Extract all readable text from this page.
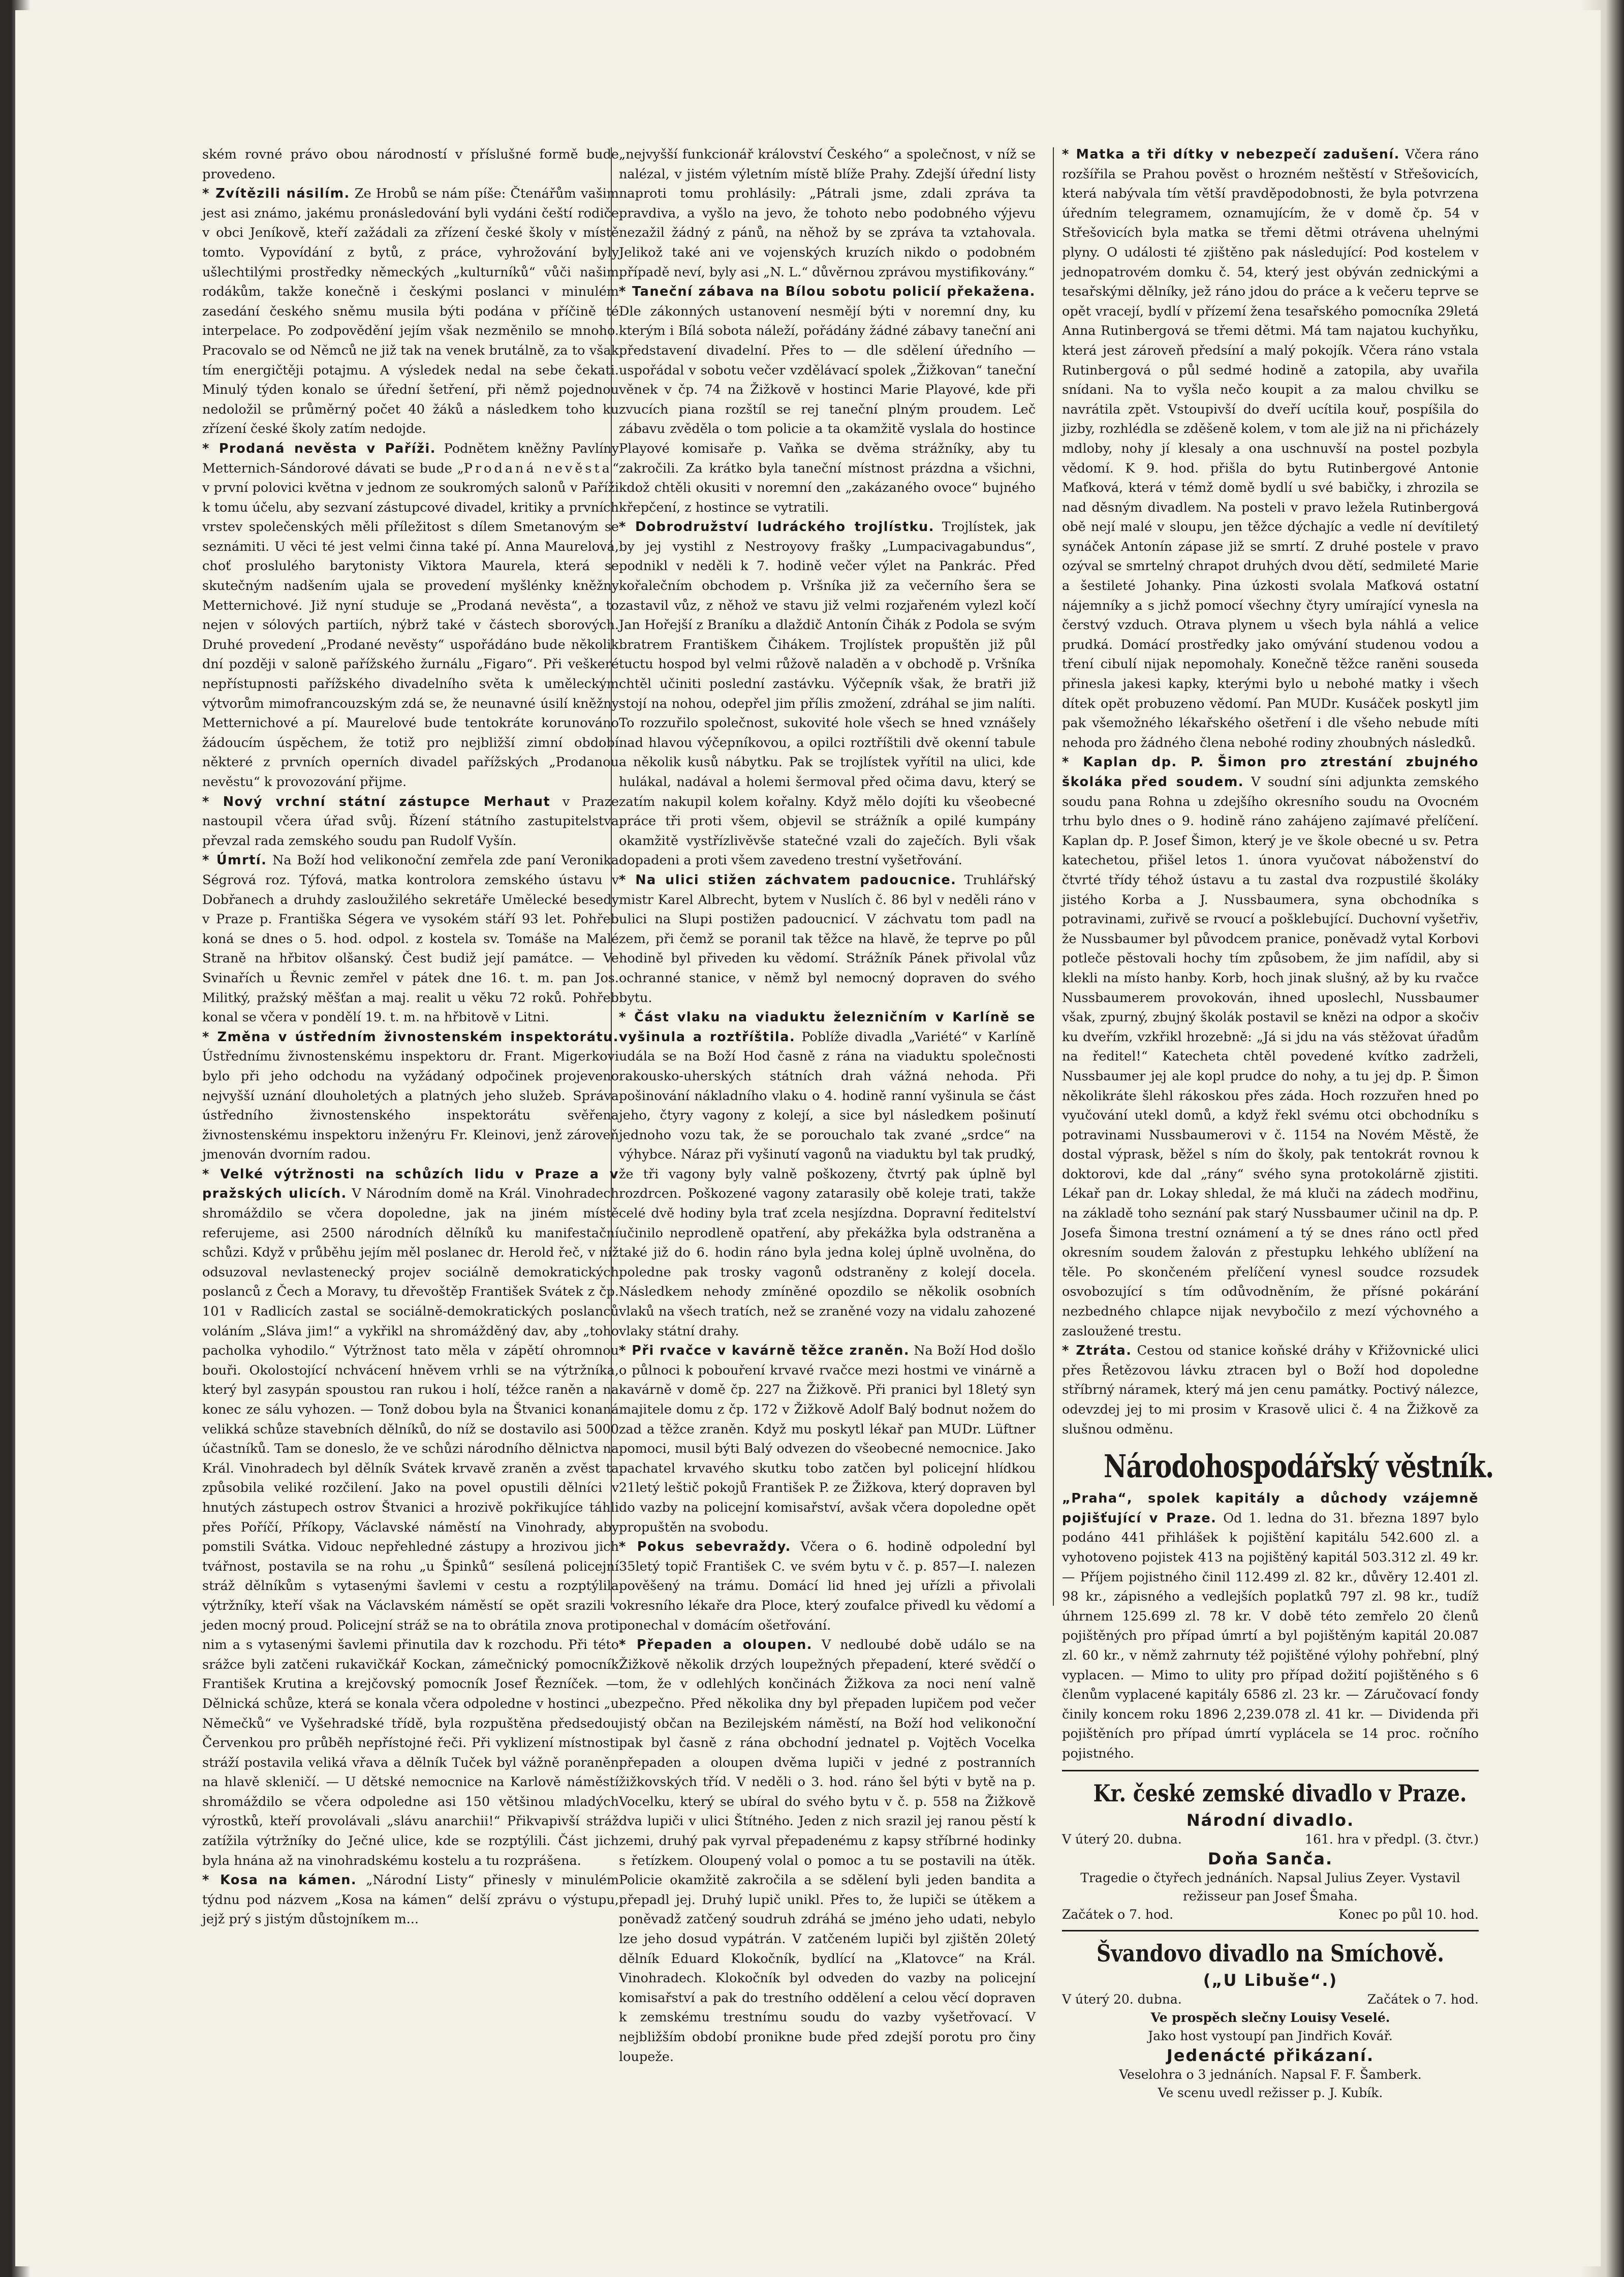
ském rovné právo obou národností v příslušné formě bude provedeno.

* Zvítězili násilím. Ze Hrobů se nám píše: Čtenářům vašim jest asi známo, jakému pronásledování byli vydáni čeští rodiče v obci Jeníkově, kteří zažádali za zřízení české školy v místě tomto. Vypovídání z bytů, z práce, vyhrožování byly ušlechtilými prostředky německých „kulturníků“ vůči našim rodákům, takže konečně i českými poslanci v minulém zasedání českého sněmu musila býti podána v příčině té interpelace. Po zodpovědění jejím však nezměnilo se mnoho. Pracovalo se od Němců ne již tak na venek brutálně, za to však tím energičtěji potajmu. A výsledek nedal na sebe čekati. Minulý týden konalo se úřední šetření, při němž pojednou nedoložil se průměrný počet 40 žáků a následkem toho ku zřízení české školy zatím nedojde.

* Prodaná nevěsta v Paříži. Podnětem kněžny Pavlíny Metternich-Sándorové dávati se bude „Prodaná nevěsta“ v první polovici května v jednom ze soukromých salonů v Paříži k tomu účelu, aby sezvaní zástupcové divadel, kritiky a prvních vrstev společenských měli příležitost s dílem Smetanovým se seznámiti. U věci té jest velmi činna také pí. Anna Maurelová, choť proslulého barytonisty Viktora Maurela, která se skutečným nadšením ujala se provedení myšlénky kněžny Metternichové. Již nyní studuje se „Prodaná nevěsta“, a to nejen v sólových partiích, nýbrž také v částech sborových. Druhé provedení „Prodané nevěsty“ uspořádáno bude několik dní později v saloně pařížského žurnálu „Figaro“. Při veškeré nepřístupnosti pařížského divadelního světa k uměleckým výtvorům mimofrancouzským zdá se, že neunavné úsilí kněžny Metternichové a pí. Maurelové bude tentokráte korunováno žádoucím úspěchem, že totiž pro nejbližší zimní období některé z prvních operních divadel pařížských „Prodanou nevěstu“ k provozování přijme.

* Nový vrchní státní zástupce Merhaut v Praze nastoupil včera úřad svůj. Řízení státního zastupitelstva převzal rada zemského soudu pan Rudolf Vyšín.

* Úmrtí. Na Boží hod velikonoční zemřela zde paní Veronika Ségrová roz. Týfová, matka kontrolora zemského ústavu v Dobřanech a druhdy zasloužilého sekretáře Umělecké besedy v Praze p. Františka Ségera ve vysokém stáří 93 let. Pohřeb koná se dnes o 5. hod. odpol. z kostela sv. Tomáše na Malé Straně na hřbitov olšanský. Čest budiž její památce. — Ve Svinařích u Řevnic zemřel v pátek dne 16. t. m. pan Jos. Militký, pražský měšťan a maj. realit u věku 72 roků. Pohřeb konal se včera v pondělí 19. t. m. na hřbitově v Litni.

* Změna v ústředním živnostenském inspektorátu. Ústřednímu živnostenskému inspektoru dr. Frant. Migerkovi bylo při jeho odchodu na vyžádaný odpočinek projeveno nejvyšší uznání dlouholetých a platných jeho služeb. Správa ústředního živnostenského inspektorátu svěřena živnostenskému inspektoru inženýru Fr. Kleinovi, jenž zároveň jmenován dvorním radou.

* Velké výtržnosti na schůzích lidu v Praze a v pražských ulicích. V Národním domě na Král. Vinohradech shromáždilo se včera dopoledne, jak na jiném místě referujeme, asi 2500 národních dělníků ku manifestační schůzi. Když v průběhu jejím měl poslanec dr. Herold řeč, v níž odsuzoval nevlastenecký projev sociálně demokratických poslanců z Čech a Moravy, tu dřevoštěp František Svátek z čp. 101 v Radlicích zastal se sociálně-demokratických poslanců voláním „Sláva jim!“ a vykřikl na shromážděný dav, aby „toho pacholka vyhodilo.“ Výtržnost tato měla v zápětí ohromnou bouři. Okolostojící nchvácení hněvem vrhli se na výtržníka, který byl zasypán spoustou ran rukou i holí, téžce raněn a na konec ze sálu vyhozen. — Tonž dobou byla na Štvanici konaná velikká schůze stavebních dělníků, do níž se dostavilo asi 5000 účastníků. Tam se doneslo, že ve schůzi národního dělnictva na Král. Vinohradech byl dělník Svátek krvavě zraněn a zvěst ta způsobila veliké rozčilení. Jako na povel opustili dělníci v hnutých zástupech ostrov Štvanici a hrozivě pokřikujíce táhli přes Poříčí, Příkopy, Václavské náměstí na Vinohrady, aby pomstili Svátka. Vidouc nepřehledné zástupy a hrozivou jich tvářnost, postavila se na rohu „u Špinků“ sesílená policejní stráž dělníkům s vytasenými šavlemi v cestu a rozptýlila výtržníky, kteří však na Václavském náměstí se opět srazili v jeden mocný proud. Policejní stráž se na to obrátila znova proti nim a s vytasenými šavlemi přinutila dav k rozchodu. Při této srážce byli zatčeni rukavičkář Kockan, zámečnický pomocník František Krutina a krejčovský pomocník Josef Řezníček. — Dělnická schůze, která se konala včera odpoledne v hostinci „u Němečků“ ve Vyšehradské třídě, byla rozpuštěna předsedou Červenkou pro průběh nepřístojné řeči. Při vyklizení místnosti stráží postavila veliká vřava a dělník Tuček byl vážně poraněn na hlavě skleničí. — U dětské nemocnice na Karlově náměstí shromáždilo se včera odpoledne asi 150 většinou mladých výrostků, kteří provolávali „slávu anarchii!“ Přikvapivší stráž zatížila výtržníky do Ječné ulice, kde se rozptýlili. Část jich byla hnána až na vinohradskému kostelu a tu rozprášena.

* Kosa na kámen. „Národní Listy“ přinesly v minulém týdnu pod názvem „Kosa na kámen“ delší zprávu o výstupu, jejž prý s jistým důstojníkem m...

„nejvyšší funkcionář království Českého“ a společnost, v níž se nalézal, v jistém výletním místě blíže Prahy. Zdejší úřední listy naproti tomu prohlásily: „Pátrali jsme, zdali zpráva ta pravdiva, a vyšlo na jevo, že tohoto nebo podobného výjevu nezažil žádný z pánů, na něhož by se zpráva ta vztahovala. Jelikož také ani ve vojenských kruzích nikdo o podobném případě neví, byly asi „N. L.“ důvěrnou zprávou mystifikovány.“

* Taneční zábava na Bílou sobotu policií překažena. Dle zákonných ustanovení nesmějí býti v noremní dny, ku kterým i Bílá sobota náleží, pořádány žádné zábavy taneční ani představení divadelní. Přes to — dle sdělení úředního — uspořádal v sobotu večer vzdělávací spolek „Žižkovan“ taneční věnek v čp. 74 na Žižkově v hostinci Marie Playové, kde při zvucích piana rozštíl se rej taneční plným proudem. Leč zábavu zvěděla o tom policie a ta okamžitě vyslala do hostince Playové komisaře p. Vaňka se dvěma strážníky, aby tu zakročili. Za krátko byla taneční místnost prázdna a všichni, kdož chtěli okusiti v noremní den „zakázaného ovoce“ bujného křepčení, z hostince se vytratili.

* Dobrodružství ludráckého trojlístku. Trojlístek, jak by jej vystihl z Nestroyovy frašky „Lumpacivagabundus“, podnikl v neděli k 7. hodině večer výlet na Pankrác. Před kořalečním obchodem p. Vršníka již za večerního šera se zastavil vůz, z něhož ve stavu již velmi rozjařeném vylezl kočí Jan Hořejší z Braníku a dlaždič Antonín Čihák z Podola se svým bratrem Františkem Čihákem. Trojlístek propuštěn již půl tuctu hospod byl velmi růžově naladěn a v obchodě p. Vršníka chtěl učiniti poslední zastávku. Výčepník však, že bratři již stojí na nohou, odepřel jim přílis zmožení, zdráhal se jim nalíti. To rozzuřilo společnost, sukovité hole všech se hned vznášely nad hlavou výčepníkovou, a opilci roztříštili dvě okenní tabule a několik kusů nábytku. Pak se trojlístek vyřítil na ulici, kde hulákal, nadával a holemi šermoval před očima davu, který se zatím nakupil kolem kořalny. Když mělo dojíti ku všeobecné práce tři proti všem, objevil se strážník a opilé kumpány okamžitě vystřízlivěvše statečné vzali do zaječích. Byli však dopadeni a proti všem zavedeno trestní vyšetřování.

* Na ulici stižen záchvatem padoucnice. Truhlářský mistr Karel Albrecht, bytem v Nuslích č. 86 byl v neděli ráno v ulici na Slupi postižen padoucnicí. V záchvatu tom padl na zem, při čemž se poranil tak těžce na hlavě, že teprve po půl hodině byl přiveden ku vědomí. Strážník Pánek přivolal vůz ochranné stanice, v němž byl nemocný dopraven do svého bytu.

* Část vlaku na viaduktu železničním v Karlíně se vyšinula a roztříštila. Poblíže divadla „Variété“ v Karlíně udála se na Boží Hod časně z rána na viaduktu společnosti rakousko-uherských státních drah vážná nehoda. Při pošinování nákladního vlaku o 4. hodině ranní vyšinula se část jeho, čtyry vagony z kolejí, a sice byl následkem pošinutí jednoho vozu tak, že se porouchalo tak zvané „srdce“ na výhybce. Náraz při vyšinutí vagonů na viaduktu byl tak prudký, že tři vagony byly valně poškozeny, čtvrtý pak úplně byl rozdrcen. Poškozené vagony zatarasily obě koleje trati, takže celé dvě hodiny byla trať zcela nesjízdna. Dopravní ředitelství učinilo neprodleně opatření, aby překážka byla odstraněna a také již do 6. hodin ráno byla jedna kolej úplně uvolněna, do poledne pak trosky vagonů odstraněny z kolejí docela. Následkem nehody zmíněné opozdilo se několik osobních vlaků na všech tratích, než se zraněné vozy na vidalu zahozené vlaky státní drahy.

* Při rvačce v kavárně těžce zraněn. Na Boží Hod došlo o půlnoci k pobouření krvavé rvačce mezi hostmi ve vinárně a kavárně v domě čp. 227 na Žižkově. Při pranici byl 18letý syn majitele domu z čp. 172 v Žižkově Adolf Balý bodnut nožem do zad a těžce zraněn. Když mu poskytl lékař pan MUDr. Lüftner pomoci, musil býti Balý odvezen do všeobecné nemocnice. Jako pachatel krvavého skutku tobo zatčen byl policejní hlídkou 21letý leštič pokojů František P. ze Žižkova, který dopraven byl do vazby na policejní komisařství, avšak včera dopoledne opět propuštěn na svobodu.

* Pokus sebevraždy. Včera o 6. hodině odpolední byl 35letý topič František C. ve svém bytu v č. p. 857—I. nalezen pověšený na trámu. Domácí lid hned jej uřízli a přivolali okresního lékaře dra Ploce, který zoufalce přivedl ku vědomí a ponechal v domácím ošetřování.

* Přepaden a oloupen. V nedloubé době událo se na Žižkově několik drzých loupežných přepadení, které svědčí o tom, že v odlehlých končinách Žižkova za noci není valně bezpečno. Před několika dny byl přepaden lupičem pod večer jistý občan na Bezilejském náměstí, na Boží hod velikonoční pak byl časně z rána obchodní jednatel p. Vojtěch Vocelka přepaden a oloupen dvěma lupiči v jedné z postranních žižkovských tříd. V neděli o 3. hod. ráno šel býti v bytě na p. Vocelku, který se ubíral do svého bytu v č. p. 558 na Žižkově dva lupiči v ulici Štítného. Jeden z nich srazil jej ranou pěstí k zemi, druhý pak vyrval přepadenému z kapsy stříbrné hodinky s řetízkem. Oloupený volal o pomoc a tu se postavili na útěk. Policie okamžitě zakročila a se sdělení byli jeden bandita a přepadl jej. Druhý lupič unikl. Přes to, že lupiči se útěkem a poněvadž zatčený soudruh zdráhá se jméno jeho udati, nebylo lze jeho dosud vypátrán. V zatčeném lupiči byl zjištěn 20letý dělník Eduard Klokočník, bydlící na „Klatovce“ na Král. Vinohradech. Klokočník byl odveden do vazby na policejní komisařství a pak do trestního oddělení a celou věcí dopraven k zemskému trestnímu soudu do vazby vyšetřovací. V nejbližším období pronikne bude před zdejší porotu pro činy loupeže.

* Matka a tři dítky v nebezpečí zadušení. Včera ráno rozšířila se Prahou pověst o hrozném neštěstí v Střešovicích, která nabývala tím větší pravděpodobnosti, že byla potvrzena úředním telegramem, oznamujícím, že v domě čp. 54 v Střešovicích byla matka se třemi dětmi otrávena uhelnými plyny. O události té zjištěno pak následující: Pod kostelem v jednopatrovém domku č. 54, který jest obýván zednickými a tesařskými dělníky, jež ráno jdou do práce a k večeru teprve se opět vracejí, bydlí v přízemí žena tesařského pomocníka 29letá Anna Rutinbergová se třemi dětmi. Má tam najatou kuchyňku, která jest zároveň předsíní a malý pokojík. Včera ráno vstala Rutinbergová o půl sedmé hodině a zatopila, aby uvařila snídani. Na to vyšla nečo koupit a za malou chvilku se navrátila zpět. Vstoupivší do dveří ucítila kouř, pospíšila do jizby, rozhlédla se zděšeně kolem, v tom ale již na ni přicházely mdloby, nohy jí klesaly a ona uschnuvší na postel pozbyla vědomí. K 9. hod. přišla do bytu Rutinbergové Antonie Maťková, která v témž domě bydlí u své babičky, i zhrozila se nad děsným divadlem. Na posteli v pravo ležela Rutinbergová obě nejí malé v sloupu, jen těžce dýchajíc a vedle ní devítiletý synáček Antonín zápase již se smrtí. Z druhé postele v pravo ozýval se smrtelný chrapot druhých dvou dětí, sedmileté Marie a šestileté Johanky. Pina úzkosti svolala Maťková ostatní nájemníky a s jichž pomocí všechny čtyry umírající vynesla na čerstvý vzduch. Otrava plynem u všech byla náhlá a velice prudká. Domácí prostředky jako omývání studenou vodou a tření cibulí nijak nepomohaly. Konečně těžce raněni souseda přinesla jakesi kapky, kterými bylo u nebohé matky i všech dítek opět probuzeno vědomí. Pan MUDr. Kusáček poskytl jim pak všemožného lékařského ošetření i dle všeho nebude míti nehoda pro žádného člena nebohé rodiny zhoubných následků.

* Kaplan dp. P. Šimon pro ztrestání zbujného školáka před soudem. V soudní síni adjunkta zemského soudu pana Rohna u zdejšího okresního soudu na Ovocném trhu bylo dnes o 9. hodině ráno zahájeno zajímavé přelíčení. Kaplan dp. P. Josef Šimon, který je ve škole obecné u sv. Petra katechetou, přišel letos 1. února vyučovat náboženství do čtvrté třídy téhož ústavu a tu zastal dva rozpustilé školáky jistého Korba a J. Nussbaumera, syna obchodníka s potravinami, zuřivě se rvoucí a pošklebující. Duchovní vyšetřiv, že Nussbaumer byl původcem pranice, poněvadž vytal Korbovi potleče pěstovali hochy tím způsobem, že jim nafídil, aby si klekli na místo hanby. Korb, hoch jinak slušný, až by ku rvačce Nussbaumerem provokován, ihned uposlechl, Nussbaumer však, zpurný, zbujný školák postavil se knězi na odpor a skočiv ku dveřím, vzkřikl hrozebně: „Já si jdu na vás stěžovat úřadům na ředitel!“ Katecheta chtěl povedené kvítko zadrželi, Nussbaumer jej ale kopl prudce do nohy, a tu jej dp. P. Šimon několikráte šlehl rákoskou přes záda. Hoch rozzuřen hned po vyučování utekl domů, a když řekl svému otci obchodníku s potravinami Nussbaumerovi v č. 1154 na Novém Městě, že dostal výprask, běžel s ním do školy, pak tentokrát rovnou k doktorovi, kde dal „rány“ svého syna protokolárně zjistiti. Lékař pan dr. Lokay shledal, že má kluči na zádech modřinu, na základě toho seznání pak starý Nussbaumer učinil na dp. P. Josefa Šimona trestní oznámení a tý se dnes ráno octl před okresním soudem žalován z přestupku lehkého ublížení na těle. Po skončeném přelíčení vynesl soudce rozsudek osvobozující s tím odůvodněním, že přísné pokárání nezbedného chlapce nijak nevybočilo z mezí výchovného a zasloužené trestu.

* Ztráta. Cestou od stanice koňské dráhy v Křižovnické ulici přes Řetězovou lávku ztracen byl o Boží hod dopoledne stříbrný náramek, který má jen cenu památky. Poctivý nálezce, odevzdej jej to mi prosim v Krasově ulici č. 4 na Žižkově za slušnou odměnu.

Národohospodářský věstník.

„Praha“, spolek kapitály a důchody vzájemně pojišťující v Praze. Od 1. ledna do 31. března 1897 bylo podáno 441 přihlášek k pojištění kapitálu 542.600 zl. a vyhotoveno pojistek 413 na pojištěný kapitál 503.312 zl. 49 kr. — Příjem pojistného činil 112.499 zl. 82 kr., důvěry 12.401 zl. 98 kr., zápisného a vedlejších poplatků 797 zl. 98 kr., tudíž úhrnem 125.699 zl. 78 kr. V době této zemřelo 20 členů pojištěných pro případ úmrtí a byl pojištěným kapitál 20.087 zl. 60 kr., v němž zahrnuty též pojištěné výlohy pohřební, plný vyplacen. — Mimo to ulity pro případ dožití pojištěného s 6 členům vyplacené kapitály 6586 zl. 23 kr. — Záručovací fondy činily koncem roku 1896 2,239.078 zl. 41 kr. — Dividenda při pojištěních pro případ úmrtí vyplácela se 14 proc. ročního pojistného.

Kr. české zemské divadlo v Praze.
Národní divadlo.
V úterý 20. dubna.	161. hra v předpl. (3. čtvr.)
Doňa Sanča.

Tragedie o čtyřech jednáních. Napsal Julius Zeyer. Vystavil režisseur pan Josef Šmaha.

Začátek o 7. hod.	Konec po půl 10. hod.
Švandovo divadlo na Smíchově.
(„U Libuše“.)
V úterý 20. dubna.	Začátek o 7. hod.

Ve prospěch slečny Louisy Veselé.

Jako host vystoupí pan Jindřich Kovář.

Jedenácté přikázaní.

Veselohra o 3 jednáních. Napsal F. F. Šamberk.

Ve scenu uvedl režisser p. J. Kubík.
